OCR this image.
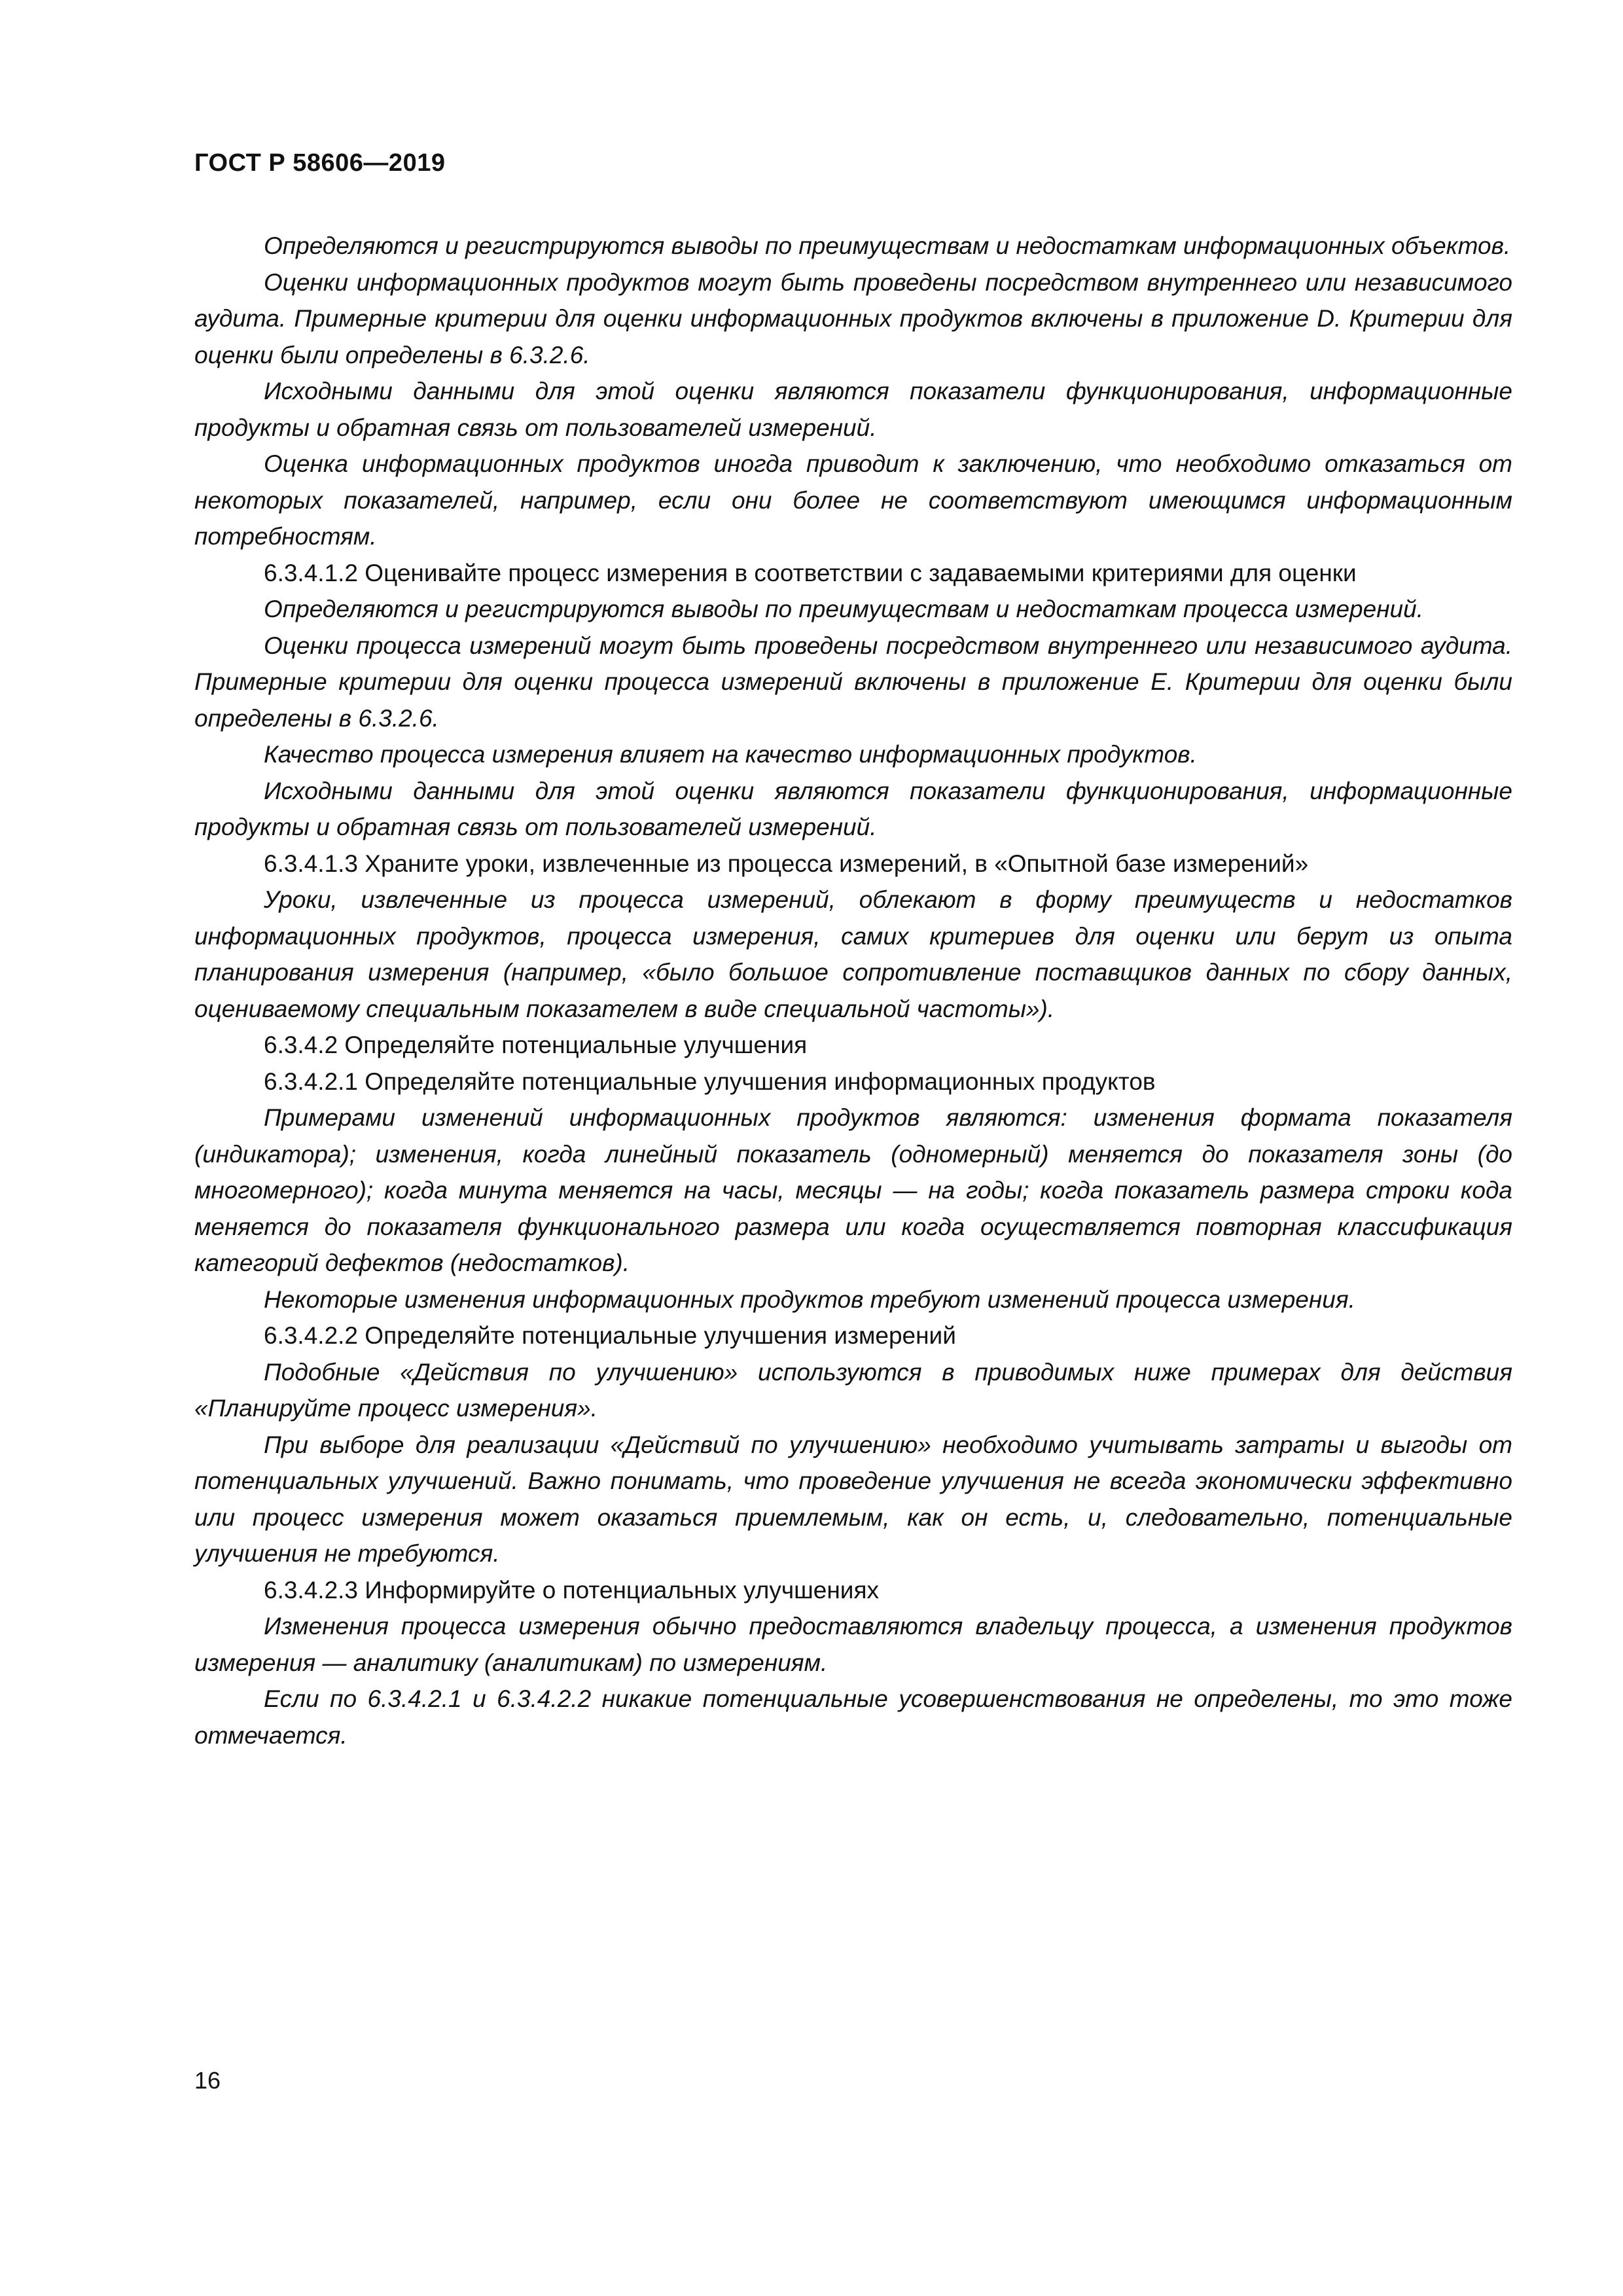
ГОСТ Р 58606—2019

Определяются и регистрируются выводы по преимуществам и недостаткам информационных объектов.

Оценки информационных продуктов могут быть проведены посредством внутреннего или независимого аудита. Примерные критерии для оценки информационных продуктов включены в приложение D. Критерии для оценки были определены в 6.3.2.6.

Исходными данными для этой оценки являются показатели функционирования, информационные продукты и обратная связь от пользователей измерений.

Оценка информационных продуктов иногда приводит к заключению, что необходимо отказаться от некоторых показателей, например, если они более не соответствуют имеющимся информационным потребностям.

6.3.4.1.2 Оценивайте процесс измерения в соответствии с задаваемыми критериями для оценки

Определяются и регистрируются выводы по преимуществам и недостаткам процесса измерений.

Оценки процесса измерений могут быть проведены посредством внутреннего или независимого аудита. Примерные критерии для оценки процесса измерений включены в приложение Е. Критерии для оценки были определены в 6.3.2.6.

Качество процесса измерения влияет на качество информационных продуктов.

Исходными данными для этой оценки являются показатели функционирования, информационные продукты и обратная связь от пользователей измерений.

6.3.4.1.3 Храните уроки, извлеченные из процесса измерений, в «Опытной базе измерений»

Уроки, извлеченные из процесса измерений, облекают в форму преимуществ и недостатков информационных продуктов, процесса измерения, самих критериев для оценки или берут из опыта планирования измерения (например, «было большое сопротивление поставщиков данных по сбору данных, оцениваемому специальным показателем в виде специальной частоты»).

6.3.4.2 Определяйте потенциальные улучшения

6.3.4.2.1 Определяйте потенциальные улучшения информационных продуктов

Примерами изменений информационных продуктов являются: изменения формата показателя (индикатора); изменения, когда линейный показатель (одномерный) меняется до показателя зоны (до многомерного); когда минута меняется на часы, месяцы — на годы; когда показатель размера строки кода меняется до показателя функционального размера или когда осуществляется повторная классификация категорий дефектов (недостатков).

Некоторые изменения информационных продуктов требуют изменений процесса измерения.

6.3.4.2.2 Определяйте потенциальные улучшения измерений

Подобные «Действия по улучшению» используются в приводимых ниже примерах для действия «Планируйте процесс измерения».

При выборе для реализации «Действий по улучшению» необходимо учитывать затраты и выгоды от потенциальных улучшений. Важно понимать, что проведение улучшения не всегда экономически эффективно или процесс измерения может оказаться приемлемым, как он есть, и, следовательно, потенциальные улучшения не требуются.

6.3.4.2.3 Информируйте о потенциальных улучшениях

Изменения процесса измерения обычно предоставляются владельцу процесса, а изменения продуктов измерения — аналитику (аналитикам) по измерениям.

Если по 6.3.4.2.1 и 6.3.4.2.2 никакие потенциальные усовершенствования не определены, то это тоже отмечается.

16
